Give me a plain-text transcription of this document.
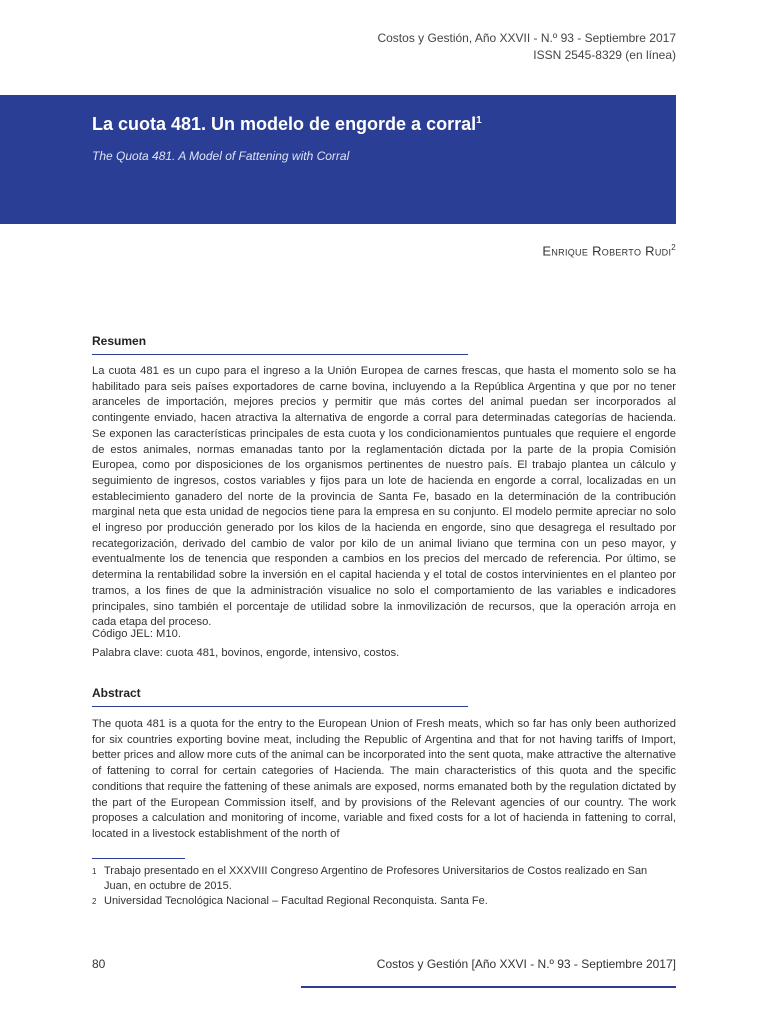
Costos y Gestión, Año XXVII - N.º 93 - Septiembre 2017
ISSN 2545-8329 (en línea)
La cuota 481. Un modelo de engorde a corral$^1$
The Quota 481. A Model of Fattening with Corral
Enrique Roberto Rudi$^2$
Resumen
La cuota 481 es un cupo para el ingreso a la Unión Europea de carnes frescas, que hasta el momento solo se ha habilitado para seis países exportadores de carne bovina, incluyendo a la República Argentina y que por no tener aranceles de importación, mejores precios y permitir que más cortes del animal puedan ser incorporados al contingente enviado, hacen atractiva la alternativa de engorde a corral para determinadas categorías de hacienda. Se exponen las características principales de esta cuota y los condicionamientos puntuales que requiere el engorde de estos animales, normas emanadas tanto por la reglamentación dictada por la parte de la propia Comisión Europea, como por disposiciones de los organismos pertinentes de nuestro país. El trabajo plantea un cálculo y seguimiento de ingresos, costos variables y fijos para un lote de hacienda en engorde a corral, localizadas en un establecimiento ganadero del norte de la provincia de Santa Fe, basado en la determinación de la contribución marginal neta que esta unidad de negocios tiene para la empresa en su conjunto. El modelo permite apreciar no solo el ingreso por producción generado por los kilos de la hacienda en engorde, sino que desagrega el resultado por recategorización, derivado del cambio de valor por kilo de un animal liviano que termina con un peso mayor, y eventualmente los de tenencia que responden a cambios en los precios del mercado de referencia. Por último, se determina la rentabilidad sobre la inversión en el capital hacienda y el total de costos intervinientes en el planteo por tramos, a los fines de que la administración visualice no solo el comportamiento de las variables e indicadores principales, sino también el porcentaje de utilidad sobre la inmovilización de recursos, que la operación arroja en cada etapa del proceso.
Código JEL: M10.
Palabra clave: cuota 481, bovinos, engorde, intensivo, costos.
Abstract
The quota 481 is a quota for the entry to the European Union of Fresh meats, which so far has only been authorized for six countries exporting bovine meat, including the Republic of Argentina and that for not having tariffs of Import, better prices and allow more cuts of the animal can be incorporated into the sent quota, make attractive the alternative of fattening to corral for certain categories of Hacienda. The main characteristics of this quota and the specific conditions that require the fattening of these animals are exposed, norms emanated both by the regulation dictated by the part of the European Commission itself, and by provisions of the Relevant agencies of our country. The work proposes a calculation and monitoring of income, variable and fixed costs for a lot of hacienda in fattening to corral, located in a livestock establishment of the north of
1 Trabajo presentado en el XXXVIII Congreso Argentino de Profesores Universitarios de Costos realizado en San Juan, en octubre de 2015.
2 Universidad Tecnológica Nacional – Facultad Regional Reconquista. Santa Fe.
80	Costos y Gestión [Año XXVI - N.º 93 - Septiembre 2017]
